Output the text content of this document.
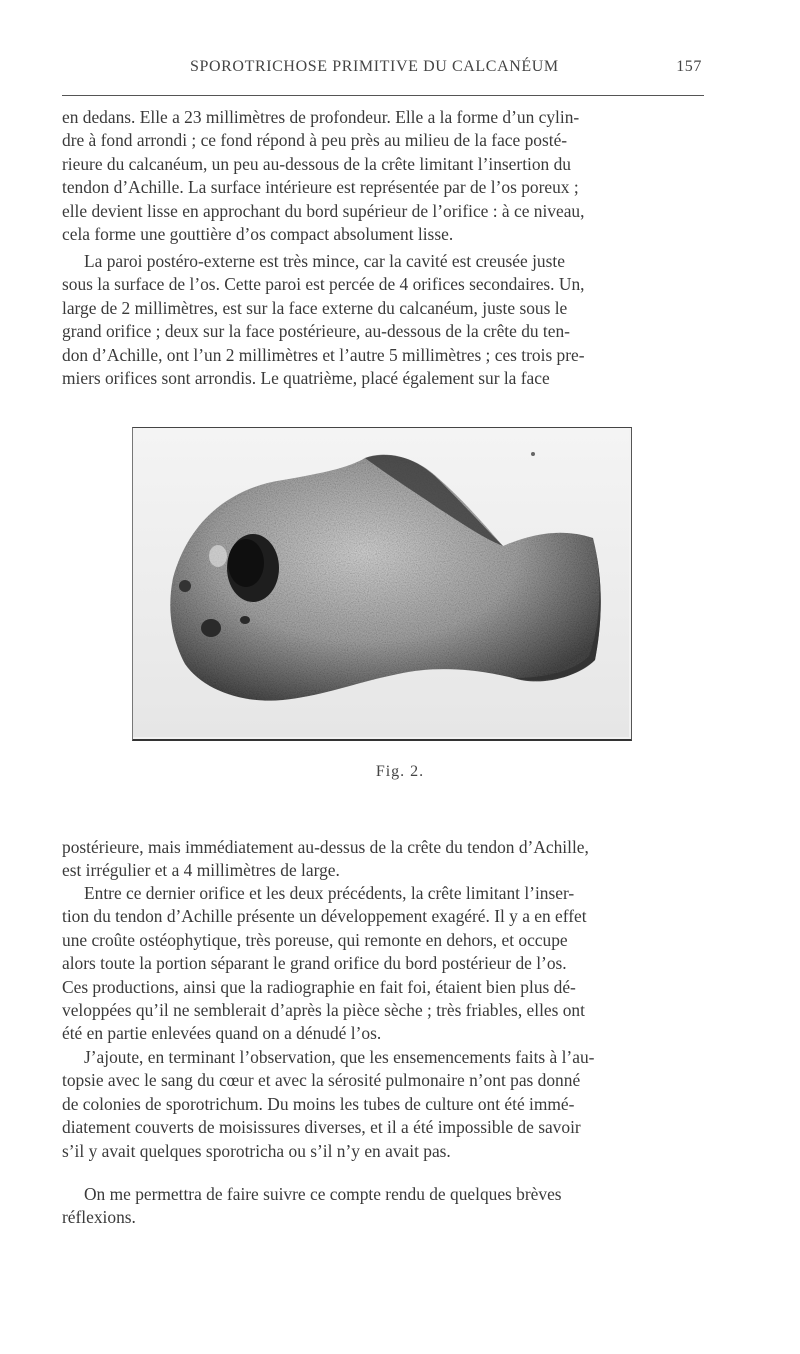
SPOROTRICHOSE PRIMITIVE DU CALCANÉUM	157
en dedans. Elle a 23 millimètres de profondeur. Elle a la forme d’un cylin-
dre à fond arrondi ; ce fond répond à peu près au milieu de la face posté-
rieure du calcanéum, un peu au-dessous de la crête limitant l’insertion du
tendon d’Achille. La surface intérieure est représentée par de l’os poreux ;
elle devient lisse en approchant du bord supérieur de l’orifice : à ce niveau,
cela forme une gouttière d’os compact absolument lisse.
La paroi postéro-externe est très mince, car la cavité est creusée juste
sous la surface de l’os. Cette paroi est percée de 4 orifices secondaires. Un,
large de 2 millimètres, est sur la face externe du calcanéum, juste sous le
grand orifice ; deux sur la face postérieure, au-dessous de la crête du ten-
don d’Achille, ont l’un 2 millimètres et l’autre 5 millimètres ; ces trois pre-
miers orifices sont arrondis. Le quatrième, placé également sur la face
Fig. 2.
postérieure, mais immédiatement au-dessus de la crête du tendon d’Achille,
est irrégulier et a 4 millimètres de large.
Entre ce dernier orifice et les deux précédents, la crête limitant l’inser-
tion du tendon d’Achille présente un développement exagéré. Il y a en effet
une croûte ostéophytique, très poreuse, qui remonte en dehors, et occupe
alors toute la portion séparant le grand orifice du bord postérieur de l’os.
Ces productions, ainsi que la radiographie en fait foi, étaient bien plus dé-
veloppées qu’il ne semblerait d’après la pièce sèche ; très friables, elles ont
été en partie enlevées quand on a dénudé l’os.
J’ajoute, en terminant l’observation, que les ensemencements faits à l’au-
topsie avec le sang du cœur et avec la sérosité pulmonaire n’ont pas donné
de colonies de sporotrichum. Du moins les tubes de culture ont été immé-
diatement couverts de moisissures diverses, et il a été impossible de savoir
s’il y avait quelques sporotricha ou s’il n’y en avait pas.
On me permettra de faire suivre ce compte rendu de quelques brèves
réflexions.
